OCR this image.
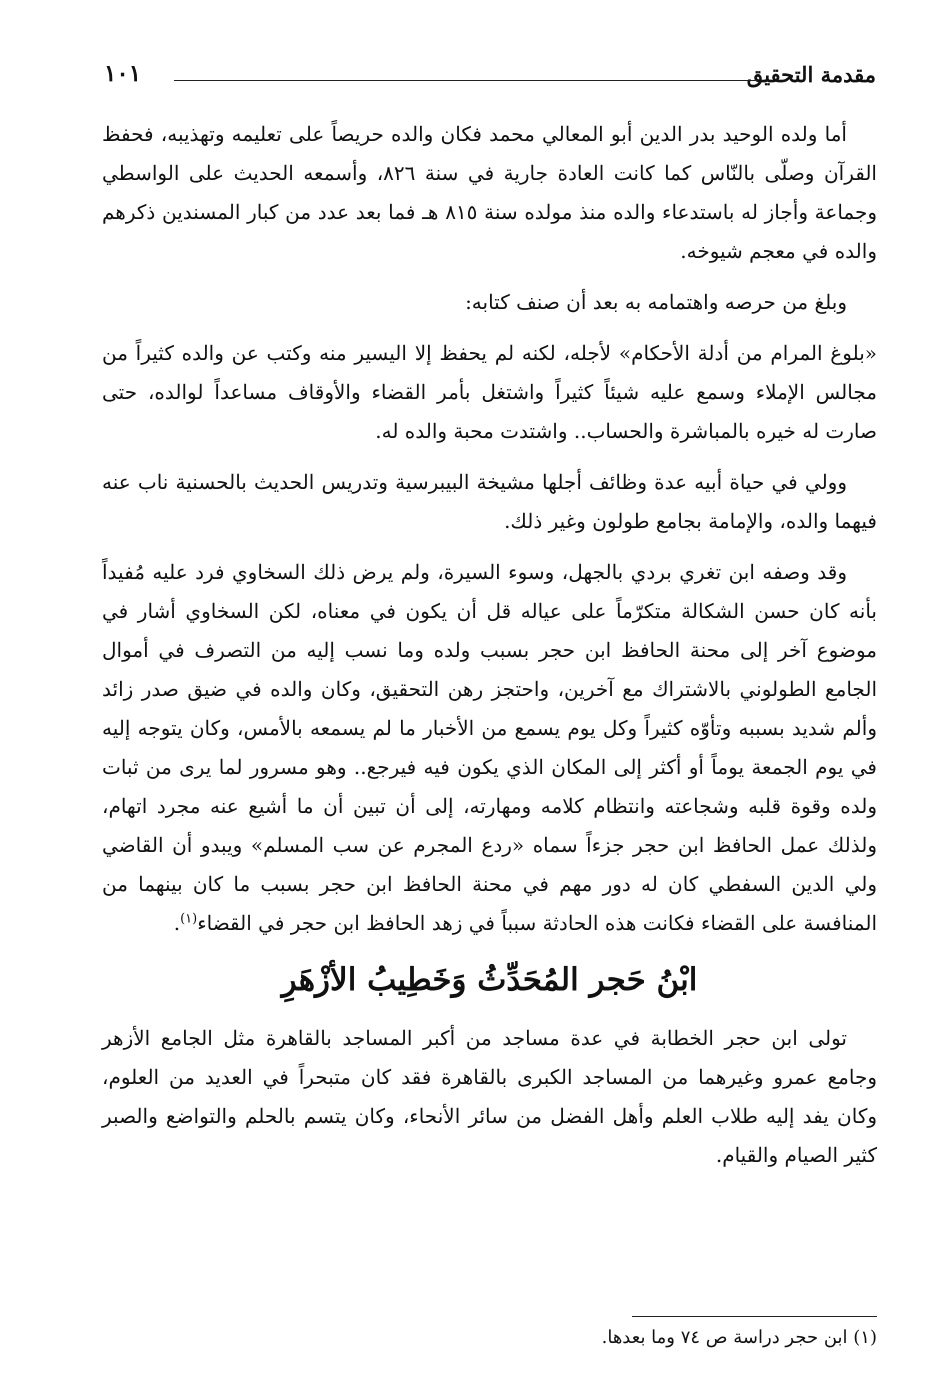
مقدمة التحقيق
١٠١

أما ولده الوحيد بدر الدين أبو المعالي محمد فكان والده حريصاً على تعليمه وتهذيبه، فحفظ القرآن وصلّى بالنّاس كما كانت العادة جارية في سنة ٨٢٦، وأسمعه الحديث على الواسطي وجماعة وأجاز له باستدعاء والده منذ مولده سنة ٨١٥ هـ فما بعد عدد من كبار المسندين ذكرهم والده في معجم شيوخه.

وبلغ من حرصه واهتمامه به بعد أن صنف كتابه:

«بلوغ المرام من أدلة الأحكام» لأجله، لكنه لم يحفظ إلا اليسير منه وكتب عن والده كثيراً من مجالس الإملاء وسمع عليه شيئاً كثيراً واشتغل بأمر القضاء والأوقاف مساعداً لوالده، حتى صارت له خيره بالمباشرة والحساب.. واشتدت محبة والده له.

وولي في حياة أبيه عدة وظائف أجلها مشيخة البيبرسية وتدريس الحديث بالحسنية ناب عنه فيهما والده، والإمامة بجامع طولون وغير ذلك.

وقد وصفه ابن تغري بردي بالجهل، وسوء السيرة، ولم يرض ذلك السخاوي فرد عليه مُفيداً بأنه كان حسن الشكالة متكرّماً على عياله قل أن يكون في معناه، لكن السخاوي أشار في موضوع آخر إلى محنة الحافظ ابن حجر بسبب ولده وما نسب إليه من التصرف في أموال الجامع الطولوني بالاشتراك مع آخرين، واحتجز رهن التحقيق، وكان والده في ضيق صدر زائد وألم شديد بسببه وتأوّه كثيراً وكل يوم يسمع من الأخبار ما لم يسمعه بالأمس، وكان يتوجه إليه في يوم الجمعة يوماً أو أكثر إلى المكان الذي يكون فيه فيرجع.. وهو مسرور لما يرى من ثبات ولده وقوة قلبه وشجاعته وانتظام كلامه ومهارته، إلى أن تبين أن ما أشيع عنه مجرد اتهام، ولذلك عمل الحافظ ابن حجر جزءاً سماه «ردع المجرم عن سب المسلم» ويبدو أن القاضي ولي الدين السفطي كان له دور مهم في محنة الحافظ ابن حجر بسبب ما كان بينهما من المنافسة على القضاء فكانت هذه الحادثة سبباً في زهد الحافظ ابن حجر في القضاء$^{(١)}$.

ابْنُ حَجر المُحَدِّثُ وَخَطِيبُ الأزْهَرِ

تولى ابن حجر الخطابة في عدة مساجد من أكبر المساجد بالقاهرة مثل الجامع الأزهر وجامع عمرو وغيرهما من المساجد الكبرى بالقاهرة فقد كان متبحراً في العديد من العلوم، وكان يفد إليه طلاب العلم وأهل الفضل من سائر الأنحاء، وكان يتسم بالحلم والتواضع والصبر كثير الصيام والقيام.

(١) ابن حجر دراسة ص ٧٤ وما بعدها.
